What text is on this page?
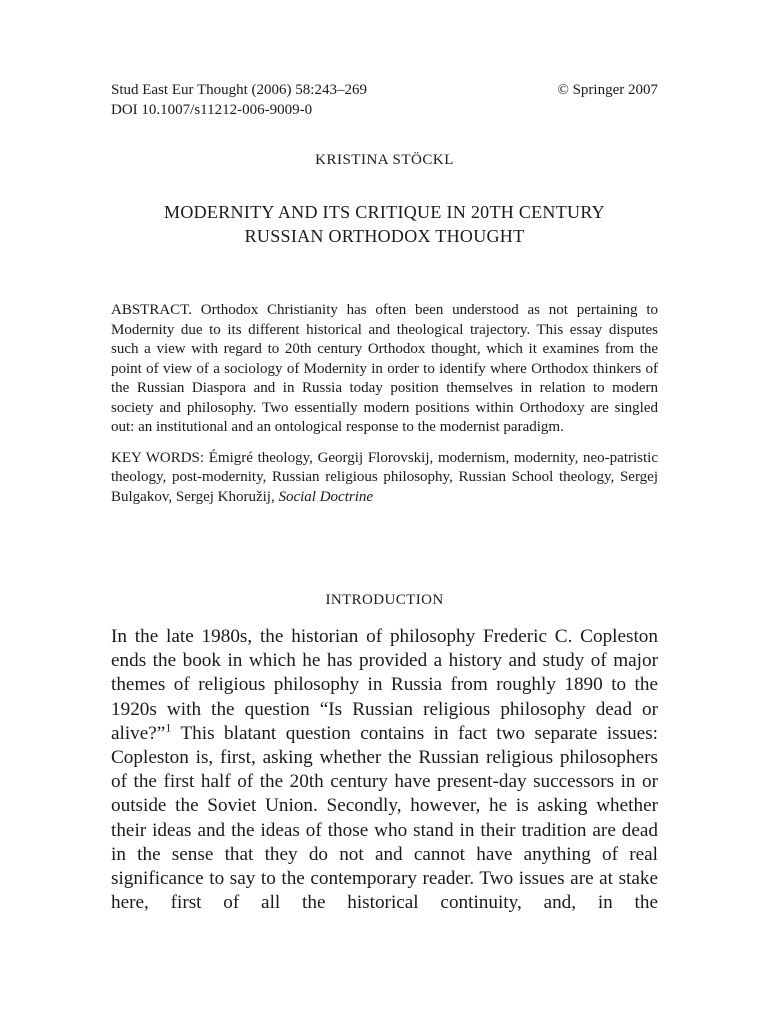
Stud East Eur Thought (2006) 58:243–269	© Springer 2007
DOI 10.1007/s11212-006-9009-0
KRISTINA STÖCKL
MODERNITY AND ITS CRITIQUE IN 20TH CENTURY
RUSSIAN ORTHODOX THOUGHT
ABSTRACT. Orthodox Christianity has often been understood as not pertaining to Modernity due to its different historical and theological trajectory. This essay disputes such a view with regard to 20th century Orthodox thought, which it examines from the point of view of a sociology of Modernity in order to identify where Orthodox thinkers of the Russian Diaspora and in Russia today position themselves in relation to modern society and philosophy. Two essentially modern positions within Orthodoxy are singled out: an institutional and an ontological response to the modernist paradigm.
KEY WORDS: Émigré theology, Georgij Florovskij, modernism, modernity, neo-patristic theology, post-modernity, Russian religious philosophy, Russian School theology, Sergej Bulgakov, Sergej Khoružij, Social Doctrine
INTRODUCTION
In the late 1980s, the historian of philosophy Frederic C. Copleston ends the book in which he has provided a history and study of major themes of religious philosophy in Russia from roughly 1890 to the 1920s with the question “Is Russian religious philosophy dead or alive?”$^1$ This blatant question contains in fact two separate issues: Copleston is, first, asking whether the Russian religious philosophers of the first half of the 20th century have present-day successors in or outside the Soviet Union. Secondly, however, he is asking whether their ideas and the ideas of those who stand in their tradition are dead in the sense that they do not and cannot have anything of real significance to say to the contemporary reader. Two issues are at stake here, first of all the historical continuity, and, in the
